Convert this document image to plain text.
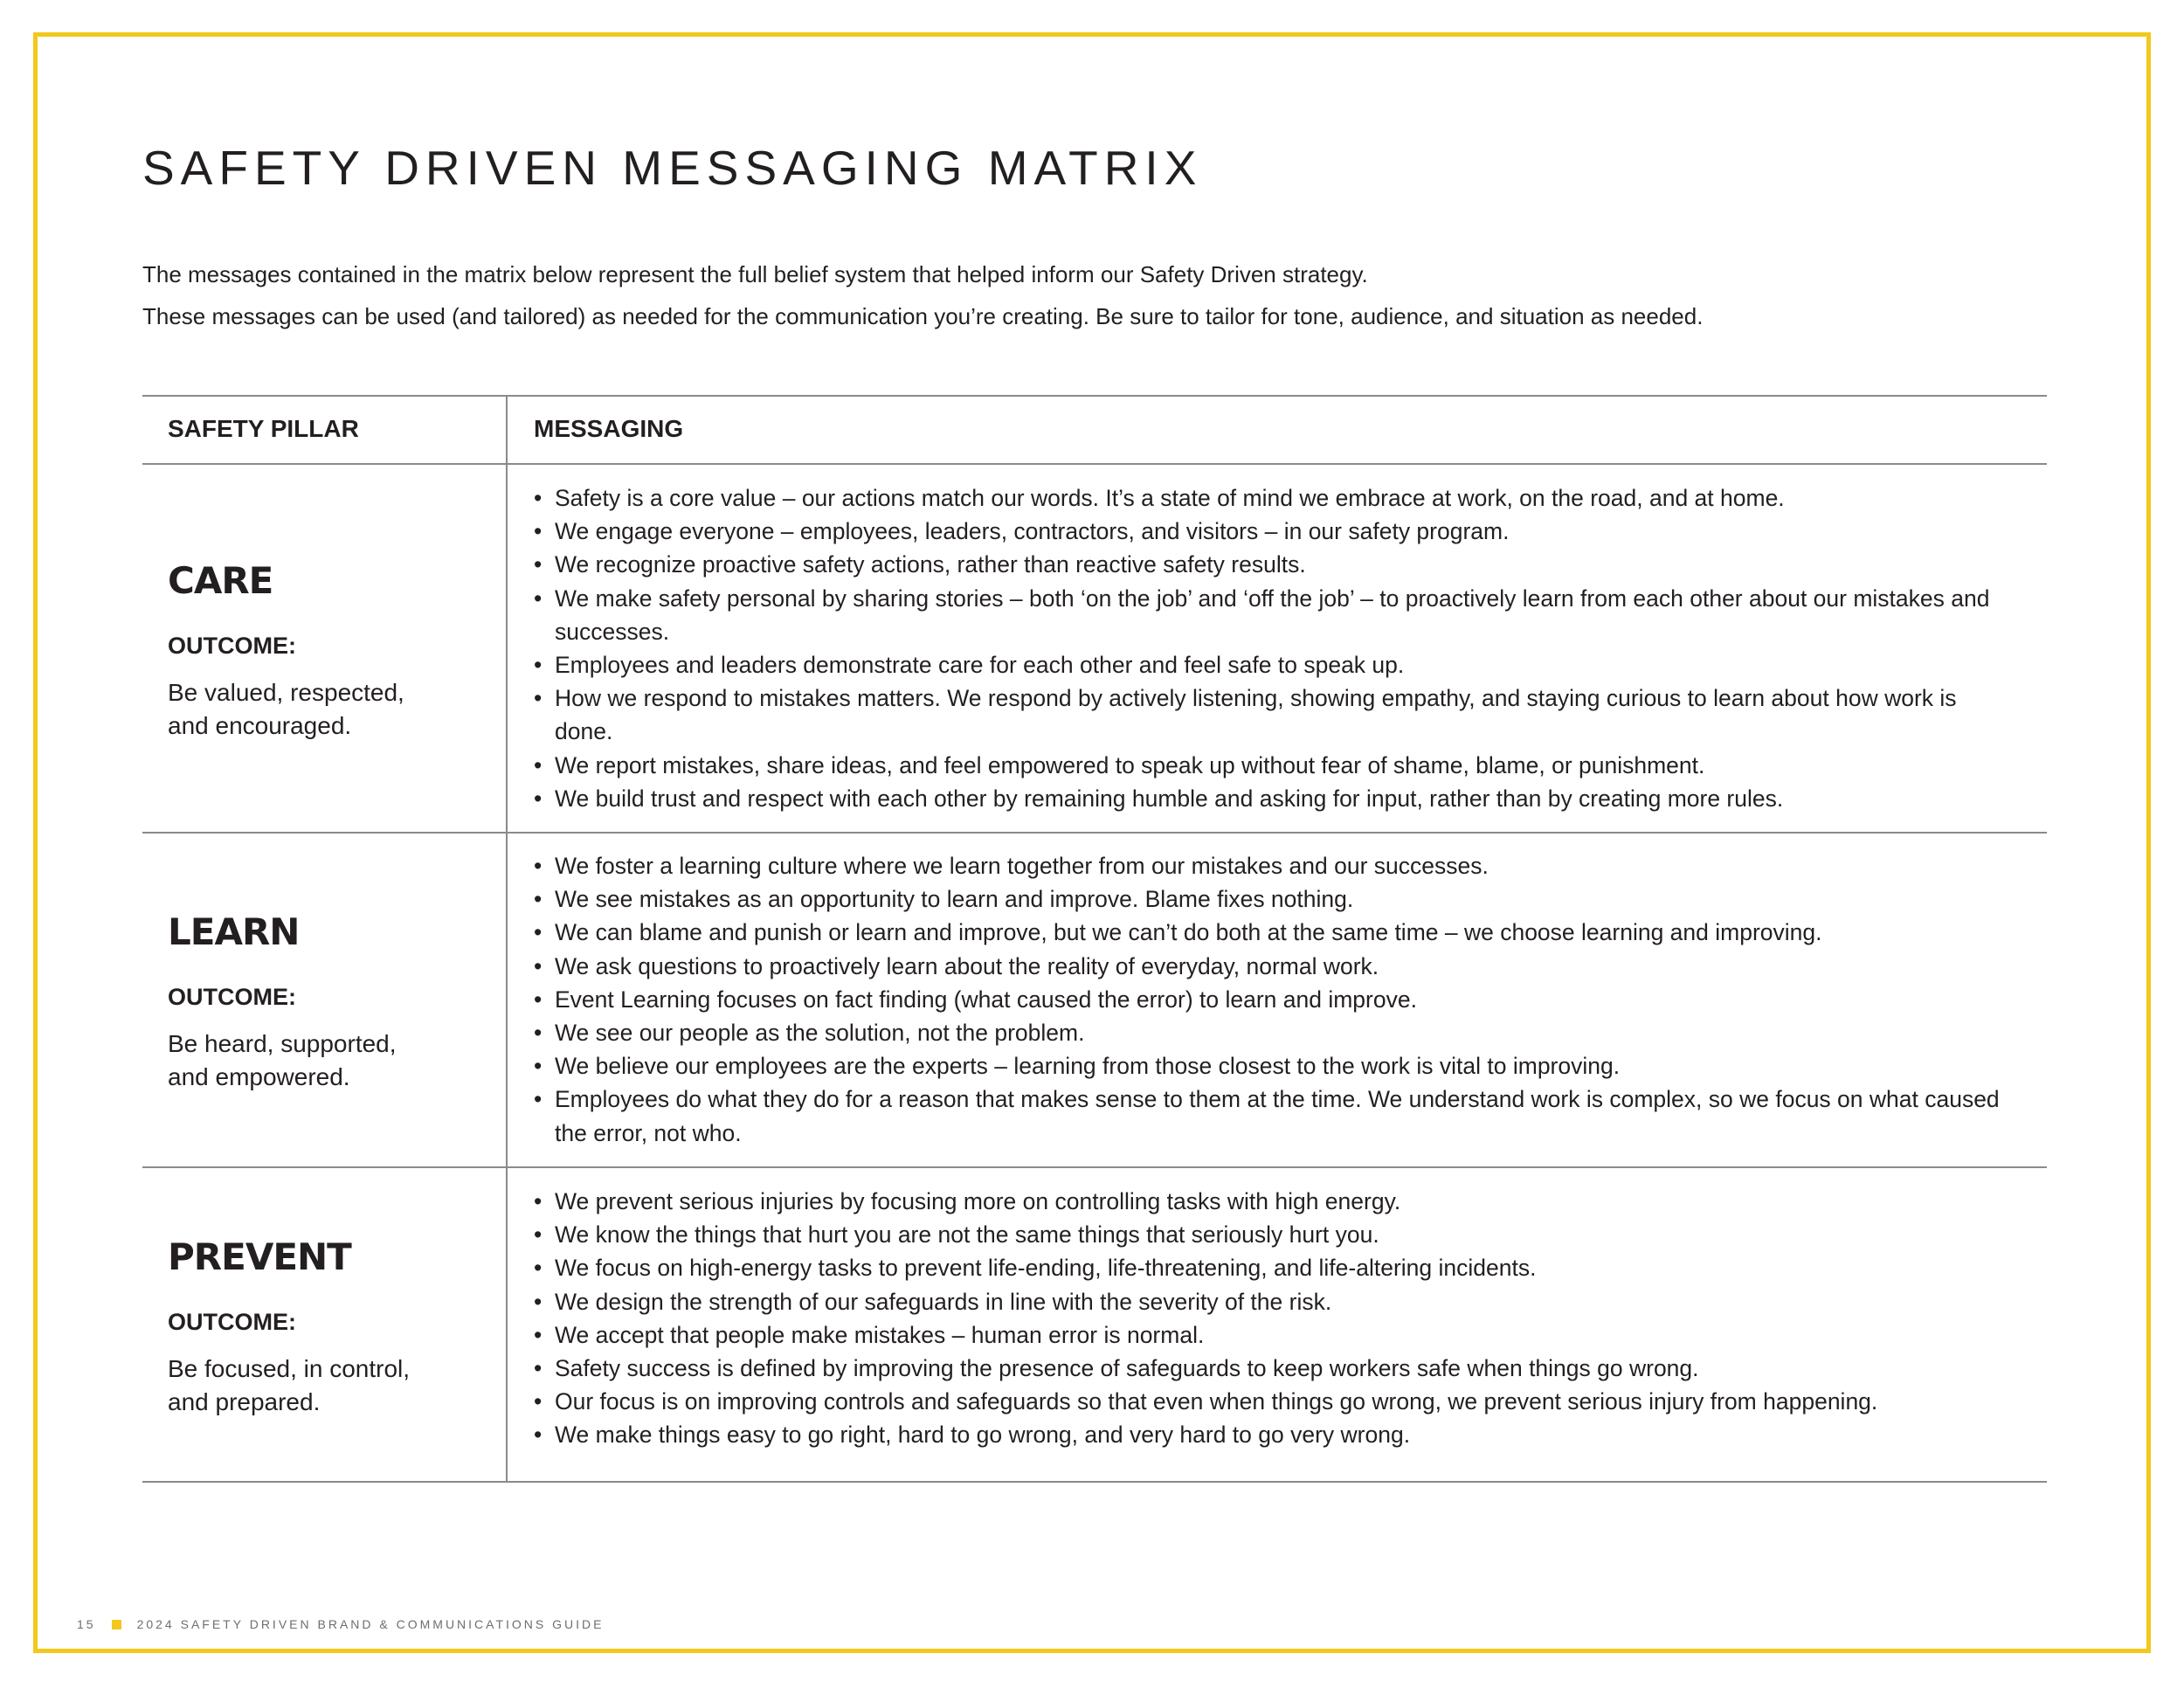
SAFETY DRIVEN MESSAGING MATRIX
The messages contained in the matrix below represent the full belief system that helped inform our Safety Driven strategy.
These messages can be used (and tailored) as needed for the communication you’re creating. Be sure to tailor for tone, audience, and situation as needed.
SAFETY PILLAR	MESSAGING
CARE
OUTCOME:
Be valued, respected,
and encouraged.
• Safety is a core value – our actions match our words. It’s a state of mind we embrace at work, on the road, and at home.
• We engage everyone – employees, leaders, contractors, and visitors – in our safety program.
• We recognize proactive safety actions, rather than reactive safety results.
• We make safety personal by sharing stories – both ‘on the job’ and ‘off the job’ – to proactively learn from each other about our mistakes and successes.
• Employees and leaders demonstrate care for each other and feel safe to speak up.
• How we respond to mistakes matters. We respond by actively listening, showing empathy, and staying curious to learn about how work is done.
• We report mistakes, share ideas, and feel empowered to speak up without fear of shame, blame, or punishment.
• We build trust and respect with each other by remaining humble and asking for input, rather than by creating more rules.
LEARN
OUTCOME:
Be heard, supported,
and empowered.
• We foster a learning culture where we learn together from our mistakes and our successes.
• We see mistakes as an opportunity to learn and improve. Blame fixes nothing.
• We can blame and punish or learn and improve, but we can’t do both at the same time – we choose learning and improving.
• We ask questions to proactively learn about the reality of everyday, normal work.
• Event Learning focuses on fact finding (what caused the error) to learn and improve.
• We see our people as the solution, not the problem.
• We believe our employees are the experts – learning from those closest to the work is vital to improving.
• Employees do what they do for a reason that makes sense to them at the time. We understand work is complex, so we focus on what caused the error, not who.
PREVENT
OUTCOME:
Be focused, in control,
and prepared.
• We prevent serious injuries by focusing more on controlling tasks with high energy.
• We know the things that hurt you are not the same things that seriously hurt you.
• We focus on high-energy tasks to prevent life-ending, life-threatening, and life-altering incidents.
• We design the strength of our safeguards in line with the severity of the risk.
• We accept that people make mistakes – human error is normal.
• Safety success is defined by improving the presence of safeguards to keep workers safe when things go wrong.
• Our focus is on improving controls and safeguards so that even when things go wrong, we prevent serious injury from happening.
• We make things easy to go right, hard to go wrong, and very hard to go very wrong.
15	2024 SAFETY DRIVEN BRAND & COMMUNICATIONS GUIDE
